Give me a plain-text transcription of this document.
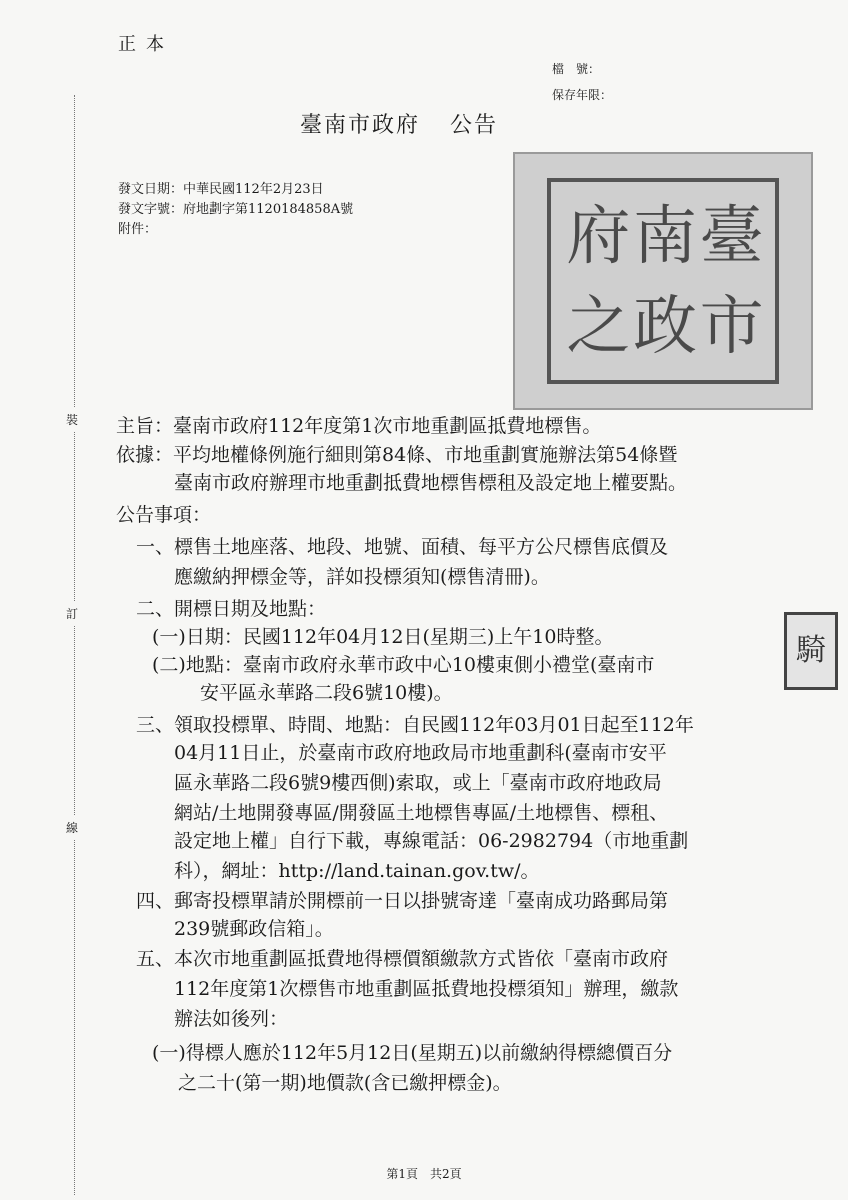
正本
檔　號：
保存年限：
裝
訂
線
臺南市政府 公告
發文日期：中華民國112年2月23日
發文字號：府地劃字第1120184858A號
附件：	府 南 臺
之 政 市
騎
主旨：臺南市政府112年度第1次市地重劃區抵費地標售。
依據：平均地權條例施行細則第84條、市地重劃實施辦法第54條暨
臺南市政府辦理市地重劃抵費地標售標租及設定地上權要點。
公告事項：
一、標售土地座落、地段、地號、面積、每平方公尺標售底價及
應繳納押標金等，詳如投標須知(標售清冊)。
二、開標日期及地點：
(一)日期：民國112年04月12日(星期三)上午10時整。
(二)地點：臺南市政府永華市政中心10樓東側小禮堂(臺南市
安平區永華路二段6號10樓)。
三、領取投標單、時間、地點：自民國112年03月01日起至112年
04月11日止，於臺南市政府地政局市地重劃科(臺南市安平
區永華路二段6號9樓西側)索取，或上「臺南市政府地政局
網站/土地開發專區/開發區土地標售專區/土地標售、標租、
設定地上權」自行下載，專線電話：06-2982794（市地重劃
科），網址：http://land.tainan.gov.tw/。
四、郵寄投標單請於開標前一日以掛號寄達「臺南成功路郵局第
239號郵政信箱」。
五、本次市地重劃區抵費地得標價額繳款方式皆依「臺南市政府
112年度第1次標售市地重劃區抵費地投標須知」辦理，繳款
辦法如後列：
(一)得標人應於112年5月12日(星期五)以前繳納得標總價百分
之二十(第一期)地價款(含已繳押標金)。
第1頁　共2頁
